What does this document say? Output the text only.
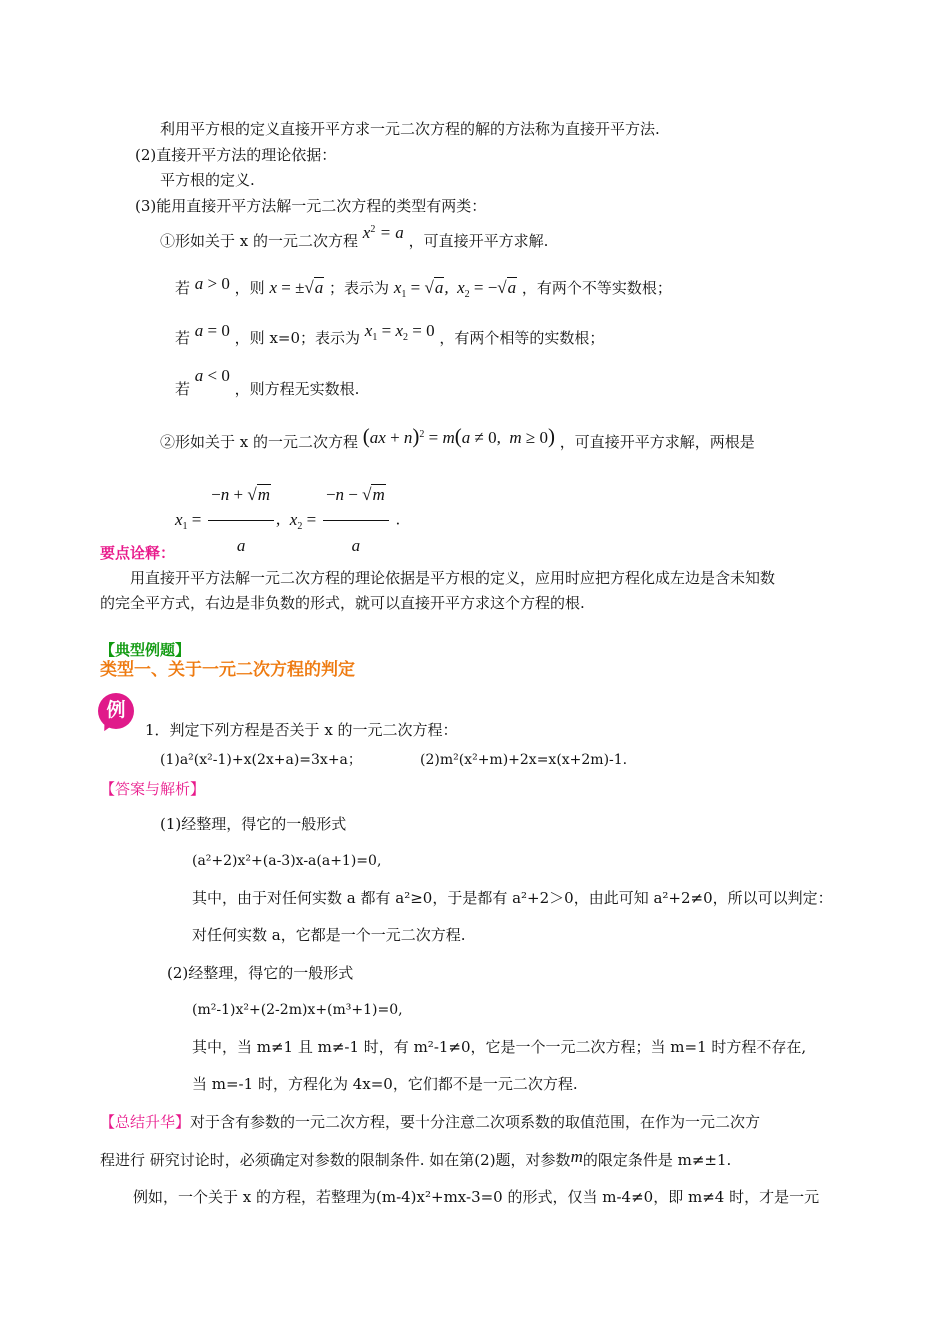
利用平方根的定义直接开平方求一元二次方程的解的方法称为直接开平方法.
(2)直接开平方法的理论依据：
平方根的定义.
(3)能用直接开平方法解一元二次方程的类型有两类：
①形如关于 x 的一元二次方程 $x^2 = a$ ，可直接开平方求解.
若 a > 0 ，则 x = ±√a ；表示为 $x_1 = √a$,  $x_2 = -√a$ ，有两个不等实数根；
若 a = 0 ，则 x=0；表示为 $x_1 = x_2 = 0$ ，有两个相等的实数根；
若 a < 0 ，则方程无实数根.
②形如关于 x 的一元二次方程 (ax + n)$^2$ = m(a ≠ 0,  m ≥ 0) ，可直接开平方求解，两根是
$x_1 = \frac{-n + √m}{a}$ , $x_2 = \frac{-n - √m}{a}$ .
要点诠释：
用直接开平方法解一元二次方程的理论依据是平方根的定义，应用时应把方程化成左边是含未知数
的完全平方式，右边是非负数的形式，就可以直接开平方求这个方程的根.
【典型例题】
类型一、关于一元二次方程的判定
例
1．判定下列方程是否关于 x 的一元二次方程：
(1)a²(x²-1)+x(2x+a)=3x+a；	(2)m²(x²+m)+2x=x(x+2m)-1.
【答案与解析】
(1)经整理，得它的一般形式
(a²+2)x²+(a-3)x-a(a+1)=0,
其中，由于对任何实数 a 都有 a²≥0，于是都有 a²+2＞0，由此可知 a²+2≠0，所以可以判定：
对任何实数 a，它都是一个一元二次方程.
(2)经整理，得它的一般形式
(m²-1)x²+(2-2m)x+(m³+1)=0,
其中，当 m≠1 且 m≠-1 时，有 m²-1≠0，它是一个一元二次方程；当 m=1 时方程不存在,
当 m=-1 时，方程化为 4x=0，它们都不是一元二次方程.
【总结升华】对于含有参数的一元二次方程，要十分注意二次项系数的取值范围，在作为一元二次方
程进行 研究讨论时，必须确定对参数的限制条件. 如在第(2)题，对参数m的限定条件是 m≠±1.
例如，一个关于 x 的方程，若整理为(m-4)x²+mx-3=0 的形式，仅当 m-4≠0，即 m≠4 时，才是一元
